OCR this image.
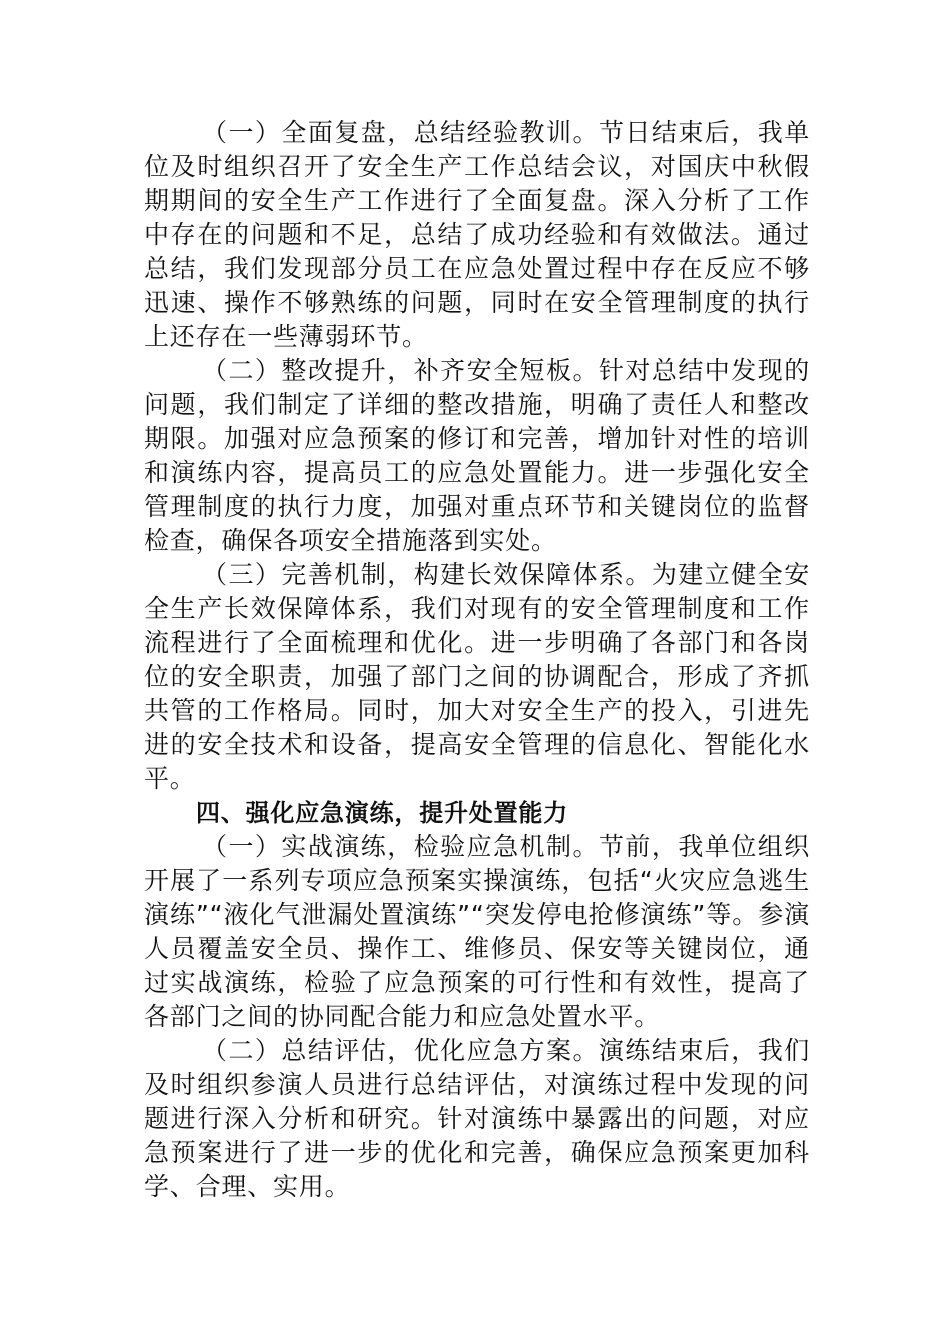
（一）全面复盘，总结经验教训。节日结束后，我单位及时组织召开了安全生产工作总结会议，对国庆中秋假期期间的安全生产工作进行了全面复盘。深入分析了工作中存在的问题和不足，总结了成功经验和有效做法。通过总结，我们发现部分员工在应急处置过程中存在反应不够迅速、操作不够熟练的问题，同时在安全管理制度的执行上还存在一些薄弱环节。

（二）整改提升，补齐安全短板。针对总结中发现的问题，我们制定了详细的整改措施，明确了责任人和整改期限。加强对应急预案的修订和完善，增加针对性的培训和演练内容，提高员工的应急处置能力。进一步强化安全管理制度的执行力度，加强对重点环节和关键岗位的监督检查，确保各项安全措施落到实处。

（三）完善机制，构建长效保障体系。为建立健全安全生产长效保障体系，我们对现有的安全管理制度和工作流程进行了全面梳理和优化。进一步明确了各部门和各岗位的安全职责，加强了部门之间的协调配合，形成了齐抓共管的工作格局。同时，加大对安全生产的投入，引进先进的安全技术和设备，提高安全管理的信息化、智能化水平。

四、强化应急演练，提升处置能力

（一）实战演练，检验应急机制。节前，我单位组织开展了一系列专项应急预案实操演练，包括“火灾应急逃生演练”“液化气泄漏处置演练”“突发停电抢修演练”等。参演人员覆盖安全员、操作工、维修员、保安等关键岗位，通过实战演练，检验了应急预案的可行性和有效性，提高了各部门之间的协同配合能力和应急处置水平。

（二）总结评估，优化应急方案。演练结束后，我们及时组织参演人员进行总结评估，对演练过程中发现的问题进行深入分析和研究。针对演练中暴露出的问题，对应急预案进行了进一步的优化和完善，确保应急预案更加科学、合理、实用。
